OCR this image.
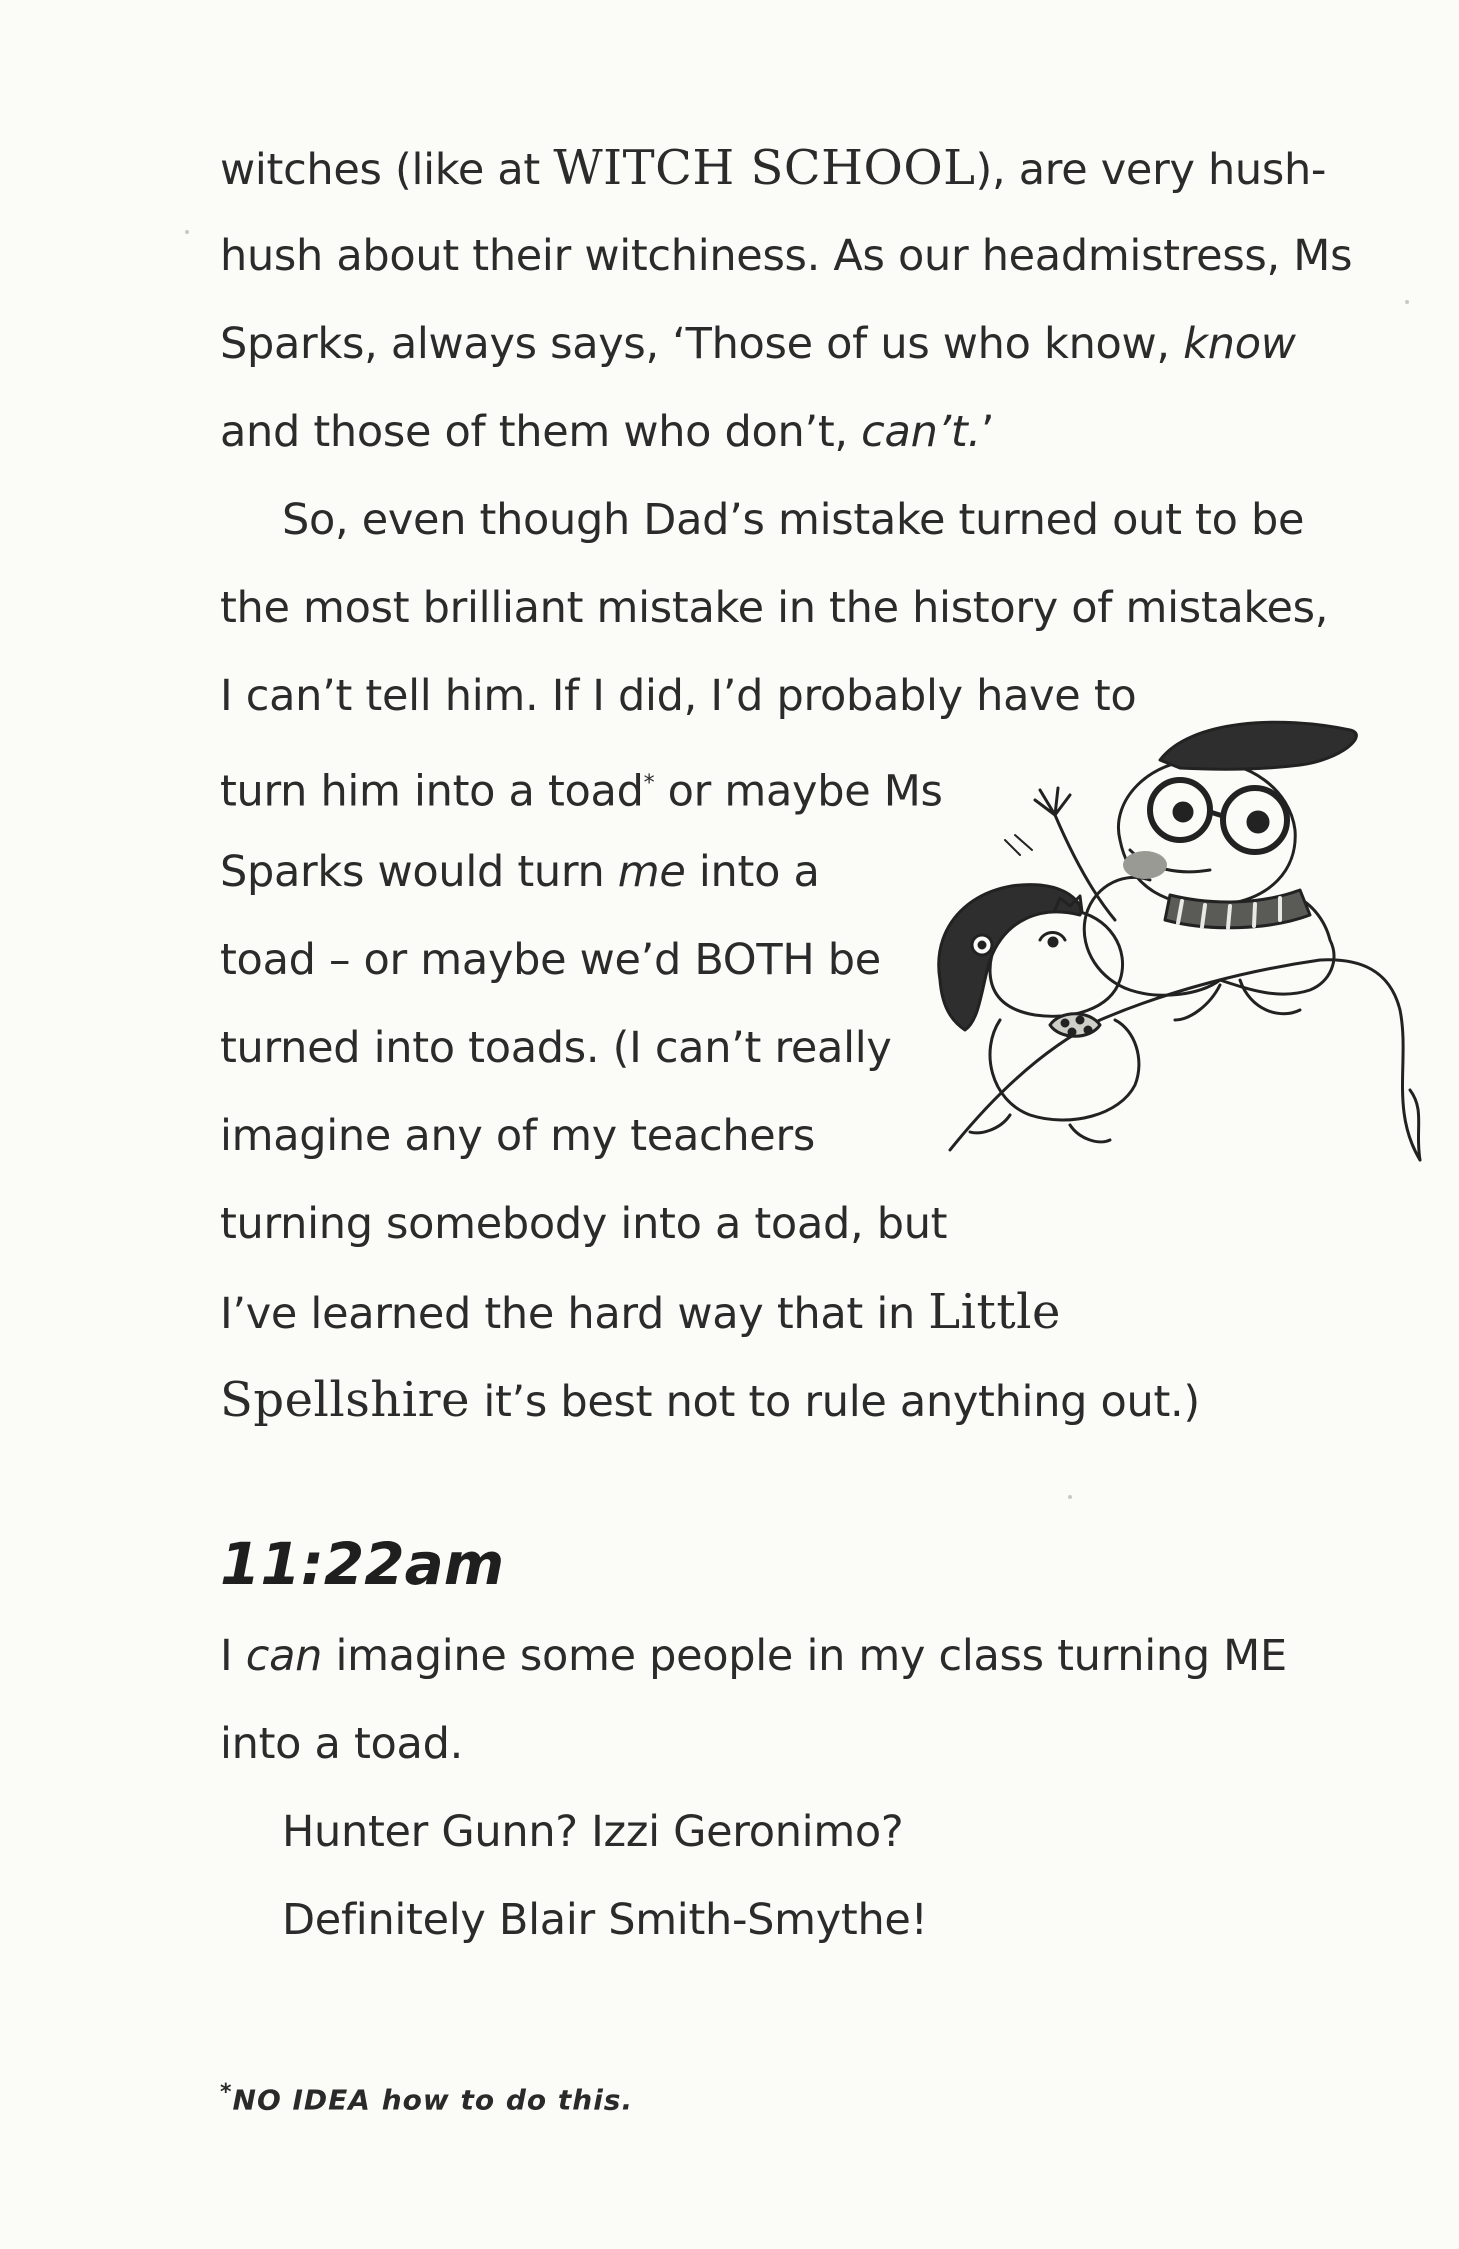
witches (like at WITCH SCHOOL), are very hush-
hush about their witchiness. As our headmistress, Ms
Sparks, always says, ‘Those of us who know, know
and those of them who don’t, can’t.’
So, even though Dad’s mistake turned out to be
the most brilliant mistake in the history of mistakes,
I can’t tell him. If I did, I’d probably have to
turn him into a toad* or maybe Ms
Sparks would turn me into a
toad – or maybe we’d BOTH be
turned into toads. (I can’t really
imagine any of my teachers
turning somebody into a toad, but
I’ve learned the hard way that in Little
Spellshire it’s best not to rule anything out.)
11:22am
I can imagine some people in my class turning ME
into a toad.
Hunter Gunn? Izzi Geronimo?
Definitely Blair Smith-Smythe!
*NO IDEA how to do this.
